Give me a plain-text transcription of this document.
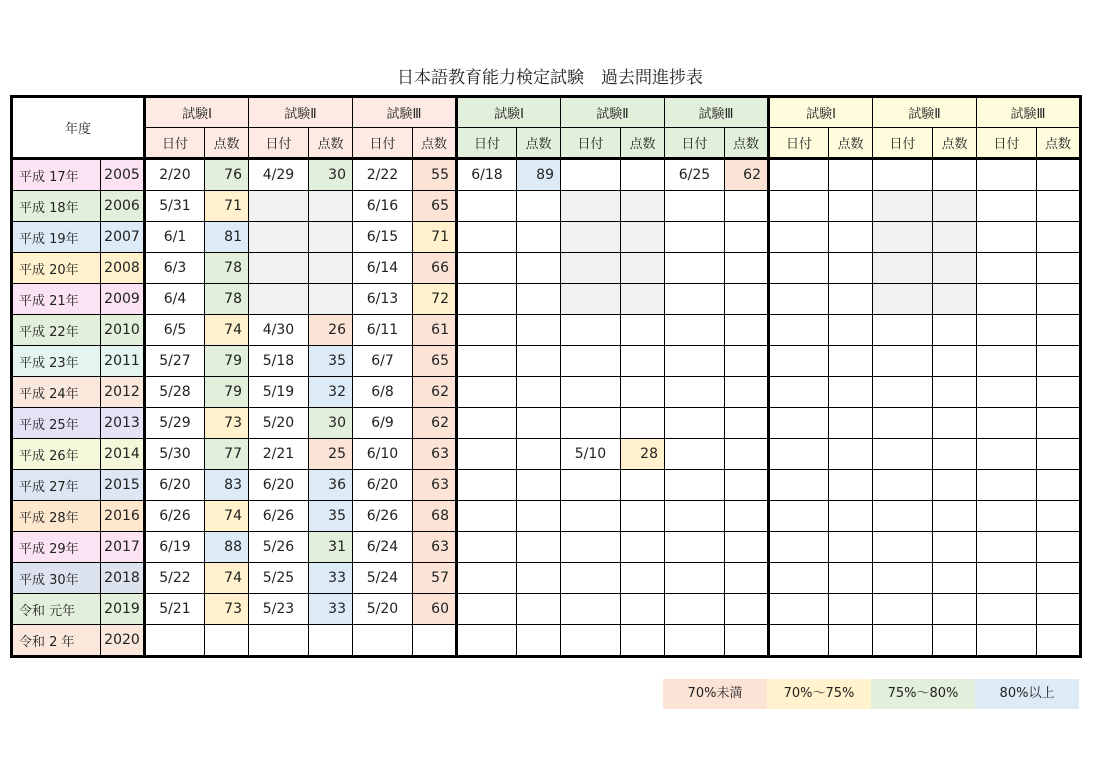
日本語教育能力検定試験　過去問進捗表
年度		試験Ⅰ		試験Ⅱ		試験Ⅲ		試験Ⅰ		試験Ⅱ		試験Ⅲ		試験Ⅰ		試験Ⅱ		試験Ⅲ	
		日付	点数	日付	点数	日付	点数	日付	点数	日付	点数	日付	点数	日付	点数	日付	点数	日付	点数
平成 17年	2005	2/20	76	4/29	30	2/22	55	6/18	89			6/25	62						
平成 18年	2006	5/31	71			6/16	65												
平成 19年	2007	6/1	81			6/15	71												
平成 20年	2008	6/3	78			6/14	66												
平成 21年	2009	6/4	78			6/13	72												
平成 22年	2010	6/5	74	4/30	26	6/11	61												
平成 23年	2011	5/27	79	5/18	35	6/7	65												
平成 24年	2012	5/28	79	5/19	32	6/8	62												
平成 25年	2013	5/29	73	5/20	30	6/9	62												
平成 26年	2014	5/30	77	2/21	25	6/10	63			5/10	28								
平成 27年	2015	6/20	83	6/20	36	6/20	63												
平成 28年	2016	6/26	74	6/26	35	6/26	68												
平成 29年	2017	6/19	88	5/26	31	6/24	63												
平成 30年	2018	5/22	74	5/25	33	5/24	57												
令和 元年	2019	5/21	73	5/23	33	5/20	60												
令和 2 年	2020																		
70%未満	70%～75%	75%～80%	80%以上
